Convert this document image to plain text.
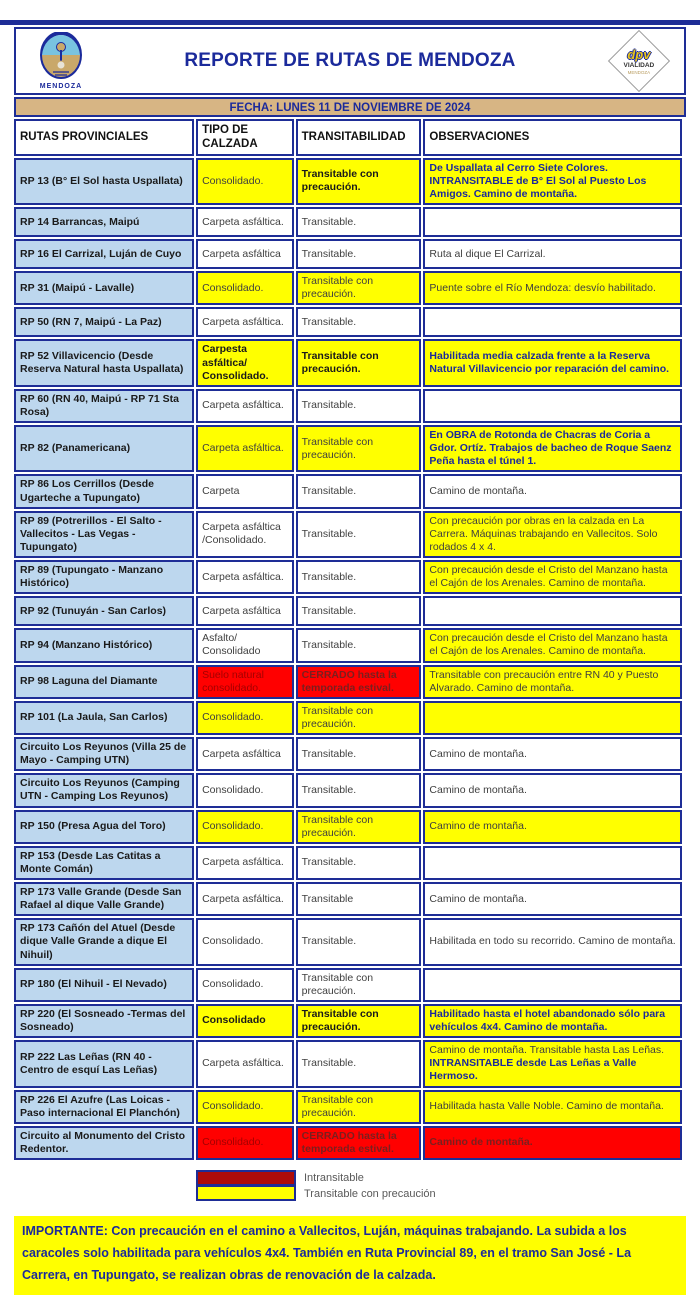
MENDOZA
REPORTE DE RUTAS DE MENDOZA	dpv
VIALIDAD
MENDOZA
FECHA: LUNES 11 DE NOVIEMBRE DE 2024
RUTAS PROVINCIALES	TIPO DE CALZADA	TRANSITABILIDAD	OBSERVACIONES
RP 13 (B° El Sol hasta Uspallata)	Consolidado.	Transitable con precaución.	De Uspallata al Cerro Siete Colores. INTRANSITABLE de B° El Sol al Puesto Los Amigos. Camino de montaña.
RP 14 Barrancas, Maipú	Carpeta asfáltica.	Transitable.	
RP 16 El Carrizal, Luján de Cuyo	Carpeta asfáltica	Transitable.	Ruta al dique El Carrizal.
RP 31 (Maipú - Lavalle)	Consolidado.	Transitable con precaución.	Puente sobre el Río Mendoza: desvío habilitado.
RP 50 (RN 7, Maipú - La Paz)	Carpeta asfáltica.	Transitable.	
RP 52 Villavicencio (Desde Reserva Natural hasta Uspallata)	Carpesta asfáltica/ Consolidado.	Transitable con precaución.	Habilitada media calzada frente a la Reserva Natural Villavicencio por reparación del camino.
RP 60 (RN 40, Maipú - RP 71 Sta Rosa)	Carpeta asfáltica.	Transitable.	
RP 82 (Panamericana)	Carpeta asfáltica.	Transitable con precaución.	En OBRA de Rotonda de Chacras de Coria a Gdor. Ortíz. Trabajos de bacheo de Roque Saenz Peña hasta el túnel 1.
RP 86 Los Cerrillos (Desde Ugarteche a Tupungato)	Carpeta	Transitable.	Camino de montaña.
RP 89 (Potrerillos - El Salto - Vallecitos - Las Vegas -Tupungato)	Carpeta asfáltica /Consolidado.	Transitable.	Con precaución por obras en la calzada en La Carrera. Máquinas trabajando en Vallecitos. Solo rodados 4 x 4.
RP 89 (Tupungato - Manzano Histórico)	Carpeta asfáltica.	Transitable.	Con precaución desde el Cristo del Manzano hasta el Cajón de los Arenales. Camino de montaña.
RP 92 (Tunuyán - San Carlos)	Carpeta asfáltica	Transitable.	
RP 94 (Manzano Histórico)	Asfalto/ Consolidado	Transitable.	Con precaución desde el Cristo del Manzano hasta el Cajón de los Arenales. Camino de montaña.
RP 98 Laguna del Diamante	Suelo natural consolidado.	CERRADO hasta la temporada estival.	Transitable con precaución entre RN 40 y Puesto Alvarado. Camino de montaña.
RP 101 (La Jaula, San Carlos)	Consolidado.	Transitable con precaución.	
Circuito Los Reyunos (Villa 25 de Mayo - Camping UTN)	Carpeta asfáltica	Transitable.	Camino de montaña.
Circuito Los Reyunos (Camping UTN - Camping Los Reyunos)	Consolidado.	Transitable.	Camino de montaña.
RP 150 (Presa Agua del Toro)	Consolidado.	Transitable con precaución.	Camino de montaña.
RP 153 (Desde Las Catitas a Monte Comán)	Carpeta asfáltica.	Transitable.	
RP 173 Valle Grande (Desde San Rafael al dique Valle Grande)	Carpeta asfáltica.	Transitable	Camino de montaña.
RP 173 Cañón del Atuel (Desde dique Valle Grande a dique El Nihuil)	Consolidado.	Transitable.	Habilitada en todo su recorrido. Camino de montaña.
RP 180 (El Nihuil - El Nevado)	Consolidado.	Transitable con precaución.	
RP 220 (El Sosneado -Termas del Sosneado)	Consolidado	Transitable con precaución.	Habilitado hasta el hotel abandonado sólo para vehículos 4x4. Camino de montaña.
RP 222 Las Leñas (RN 40 - Centro de esquí Las Leñas)	Carpeta asfáltica.	Transitable.	Camino de montaña. Transitable hasta Las Leñas. INTRANSITABLE desde Las Leñas a Valle Hermoso.
RP 226 El Azufre (Las Loicas - Paso internacional El Planchón)	Consolidado.	Transitable con precaución.	Habilitada hasta Valle Noble. Camino de montaña.
Circuito al Monumento del Cristo Redentor.	Consolidado.	CERRADO hasta la temporada estival.	Camino de montaña.
Intransitable
Transitable con precaución
IMPORTANTE: Con precaución en el camino a Vallecitos, Luján, máquinas trabajando. La subida a los caracoles solo habilitada para vehículos 4x4. También en Ruta Provincial 89, en el tramo San José - La Carrera, en Tupungato, se realizan obras de renovación de la calzada.
